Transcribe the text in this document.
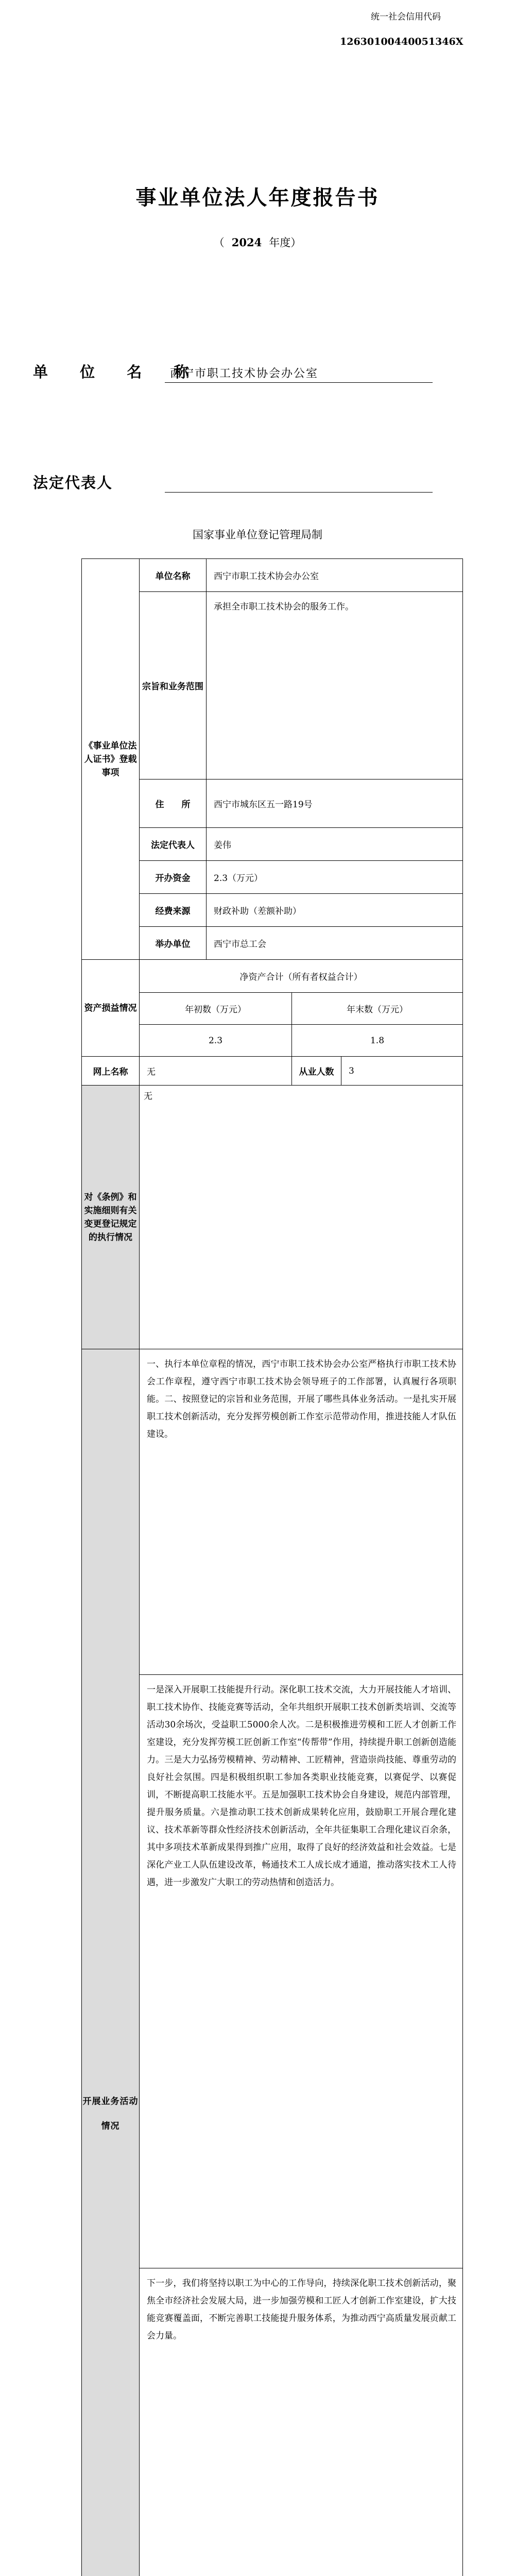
统一社会信用代码
12630100440051346X
事业单位法人年度报告书
（ 2024 年度）
单 位 名 称
西宁市职工技术协会办公室
法定代表人
国家事业单位登记管理局制
《事业单位法人证书》登载事项	单位名称	西宁市职工技术协会办公室		
	宗旨和业务范围	承担全市职工技术协会的服务工作。		
	住　　所	西宁市城东区五一路19号		
	法定代表人	姜伟		
	开办资金	2.3（万元）		
	经费来源	财政补助（差额补助）		
	举办单位	西宁市总工会		
资产损益情况	净资产合计（所有者权益合计）			
	年初数（万元）		年末数（万元）	
	2.3		1.8	
网上名称	无		从业人数	3
对《条例》和实施细则有关变更登记规定的执行情况	无			
开展业务活动情况	一、执行本单位章程的情况，西宁市职工技术协会办公室严格执行市职工技术协会工作章程，遵守西宁市职工技术协会领导班子的工作部署，认真履行各项职能。二、按照登记的宗旨和业务范围，开展了哪些具体业务活动。一是扎实开展职工技术创新活动，充分发挥劳模创新工作室示范带动作用，推进技能人才队伍建设。			
	一是深入开展职工技能提升行动。深化职工技术交流，大力开展技能人才培训、职工技术协作、技能竞赛等活动，全年共组织开展职工技术创新类培训、交流等活动30余场次，受益职工5000余人次。二是积极推进劳模和工匠人才创新工作室建设，充分发挥劳模工匠创新工作室“传帮带”作用，持续提升职工创新创造能力。三是大力弘扬劳模精神、劳动精神、工匠精神，营造崇尚技能、尊重劳动的良好社会氛围。四是积极组织职工参加各类职业技能竞赛，以赛促学、以赛促训，不断提高职工技能水平。五是加强职工技术协会自身建设，规范内部管理，提升服务质量。六是推动职工技术创新成果转化应用，鼓励职工开展合理化建议、技术革新等群众性经济技术创新活动，全年共征集职工合理化建议百余条，其中多项技术革新成果得到推广应用，取得了良好的经济效益和社会效益。七是深化产业工人队伍建设改革，畅通技术工人成长成才通道，推动落实技术工人待遇，进一步激发广大职工的劳动热情和创造活力。			
	下一步，我们将坚持以职工为中心的工作导向，持续深化职工技术创新活动，聚焦全市经济社会发展大局，进一步加强劳模和工匠人才创新工作室建设，扩大技能竞赛覆盖面，不断完善职工技能提升服务体系，为推动西宁高质量发展贡献工会力量。			
